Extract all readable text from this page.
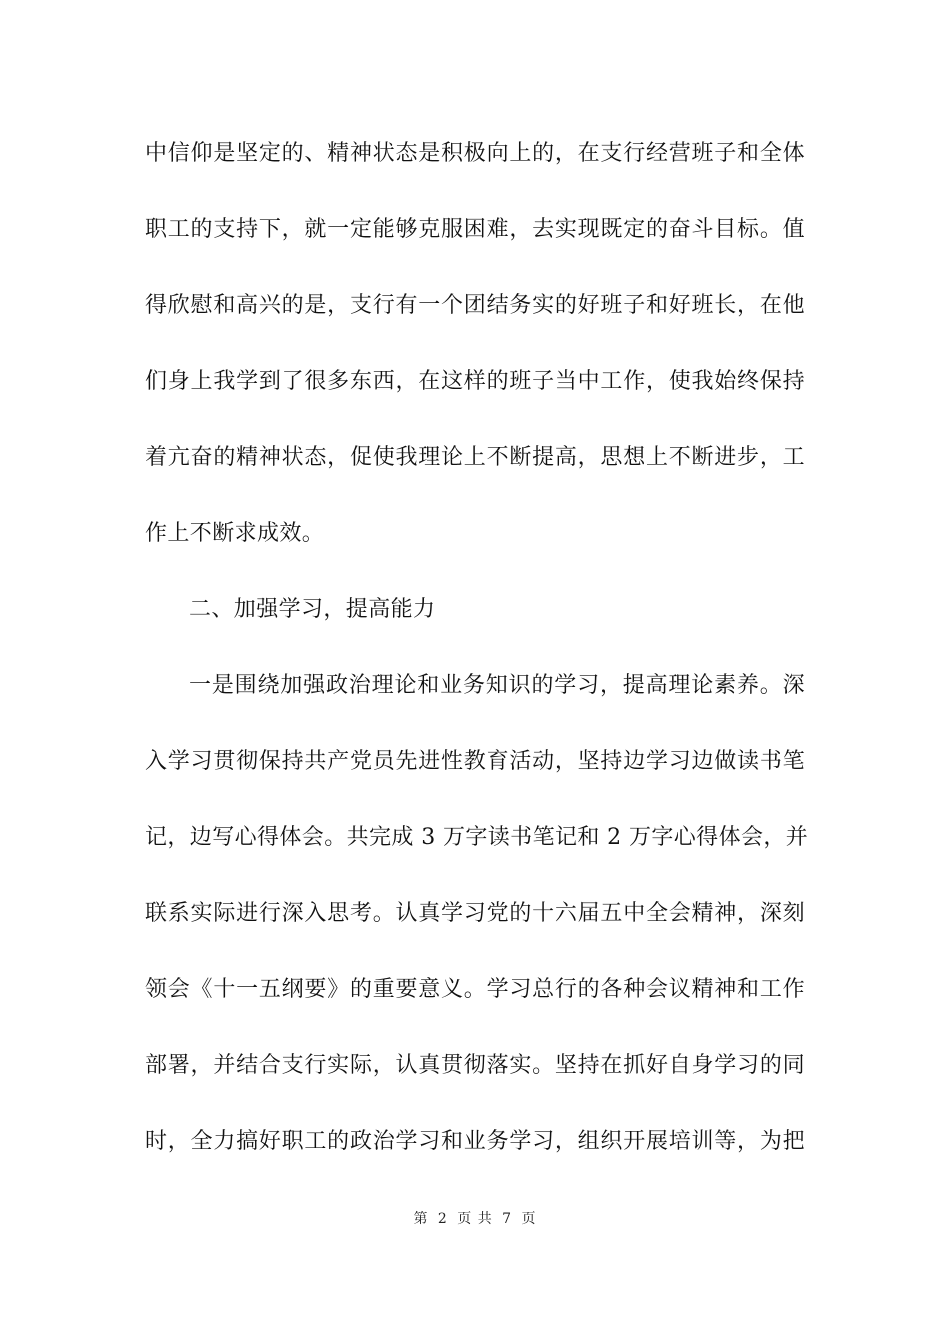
中信仰是坚定的、精神状态是积极向上的，在支行经营班子和全体
职工的支持下，就一定能够克服困难，去实现既定的奋斗目标。值
得欣慰和高兴的是，支行有一个团结务实的好班子和好班长，在他
们身上我学到了很多东西，在这样的班子当中工作，使我始终保持
着亢奋的精神状态，促使我理论上不断提高，思想上不断进步，工
作上不断求成效。
二、加强学习，提高能力
一是围绕加强政治理论和业务知识的学习，提高理论素养。深
入学习贯彻保持共产党员先进性教育活动，坚持边学习边做读书笔
记，边写心得体会。共完成 3 万字读书笔记和 2 万字心得体会，并
联系实际进行深入思考。认真学习党的十六届五中全会精神，深刻
领会《十一五纲要》的重要意义。学习总行的各种会议精神和工作
部署，并结合支行实际，认真贯彻落实。坚持在抓好自身学习的同
时，全力搞好职工的政治学习和业务学习，组织开展培训等，为把
第 2 页 共 7 页
